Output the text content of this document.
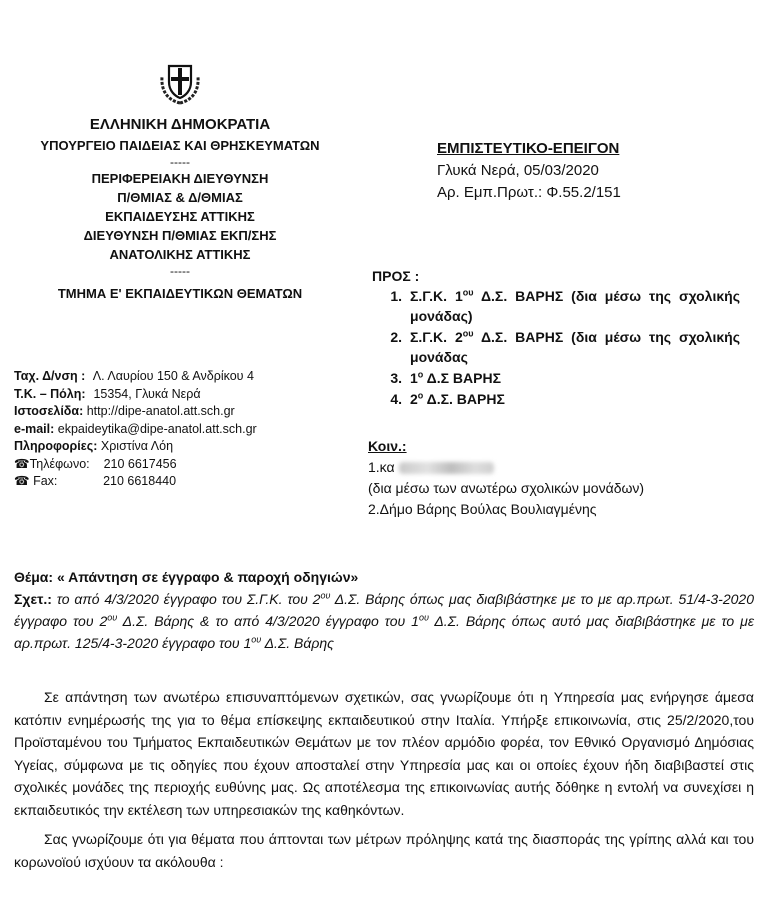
ΕΛΛΗΝΙΚΗ ΔΗΜΟΚΡΑΤΙΑ
ΥΠΟΥΡΓΕΙΟ ΠΑΙΔΕΙΑΣ ΚΑΙ ΘΡΗΣΚΕΥΜΑΤΩΝ
-----
ΠΕΡΙΦΕΡΕΙΑΚΗ ΔΙΕΥΘΥΝΣΗ
Π/ΘΜΙΑΣ & Δ/ΘΜΙΑΣ
ΕΚΠΑΙΔΕΥΣΗΣ ΑΤΤΙΚΗΣ
ΔΙΕΥΘΥΝΣΗ Π/ΘΜΙΑΣ ΕΚΠ/ΣΗΣ
ΑΝΑΤΟΛΙΚΗΣ ΑΤΤΙΚΗΣ
-----
ΤΜΗΜΑ Ε' ΕΚΠΑΙΔΕΥΤΙΚΩΝ ΘΕΜΑΤΩΝ
ΕΜΠΙΣΤΕΥΤΙΚΟ-ΕΠΕΙΓΟΝ
Γλυκά Νερά, 05/03/2020
Αρ. Εμπ.Πρωτ.: Φ.55.2/151
ΠΡΟΣ :
1. Σ.Γ.Κ. $1^{o\upsilon}$ Δ.Σ. ΒΑΡΗΣ (δια μέσω της σχολικής μονάδας)
2. Σ.Γ.Κ. $2^{o\upsilon}$ Δ.Σ. ΒΑΡΗΣ (δια μέσω της σχολικής μονάδας
3. $1^o$ Δ.Σ ΒΑΡΗΣ
4. $2^o$ Δ.Σ. ΒΑΡΗΣ
Ταχ. Δ/νση : Λ. Λαυρίου 150 & Ανδρίκου 4
Τ.Κ. – Πόλη: 15354, Γλυκά Νερά
Ιστοσελίδα: http://dipe-anatol.att.sch.gr
e-mail: ekpaideytika@dipe-anatol.att.sch.gr
Πληροφορίες: Χριστίνα Λόη
☎Τηλέφωνο: 210 6617456
☎ Fax:	210 6618440
Κοιν.:
1.κα
(δια μέσω των ανωτέρω σχολικών μονάδων)
2.Δήμο Βάρης Βούλας Βουλιαγμένης
Θέμα: « Απάντηση σε έγγραφο & παροχή οδηγιών»
Σχετ.: το από 4/3/2020 έγγραφο του Σ.Γ.Κ. του $2^{o\upsilon}$ Δ.Σ. Βάρης όπως μας διαβιβάστηκε με το με αρ.πρωτ. 51/4-3-2020 έγγραφο του $2^{o\upsilon}$ Δ.Σ. Βάρης & το από 4/3/2020 έγγραφο του $1^{o\upsilon}$ Δ.Σ. Βάρης όπως αυτό μας διαβιβάστηκε με το με αρ.πρωτ. 125/4-3-2020 έγγραφο του $1^{o\upsilon}$ Δ.Σ. Βάρης

Σε απάντηση των ανωτέρω επισυναπτόμενων σχετικών, σας γνωρίζουμε ότι η Υπηρεσία μας ενήργησε άμεσα κατόπιν ενημέρωσής της για το θέμα επίσκεψης εκπαιδευτικού στην Ιταλία. Υπήρξε επικοινωνία, στις 25/2/2020,του Προϊσταμένου του Τμήματος Εκπαιδευτικών Θεμάτων με τον πλέον αρμόδιο φορέα, τον Εθνικό Οργανισμό Δημόσιας Υγείας, σύμφωνα με τις οδηγίες που έχουν αποσταλεί στην Υπηρεσία μας και οι οποίες έχουν ήδη διαβιβαστεί στις σχολικές μονάδες της περιοχής ευθύνης μας. Ως αποτέλεσμα της επικοινωνίας αυτής δόθηκε η εντολή να συνεχίσει η εκπαιδευτικός την εκτέλεση των υπηρεσιακών της καθηκόντων.

Σας γνωρίζουμε ότι για θέματα που άπτονται των μέτρων πρόληψης κατά της διασποράς της γρίπης αλλά και του κορωνοϊού ισχύουν τα ακόλουθα :
